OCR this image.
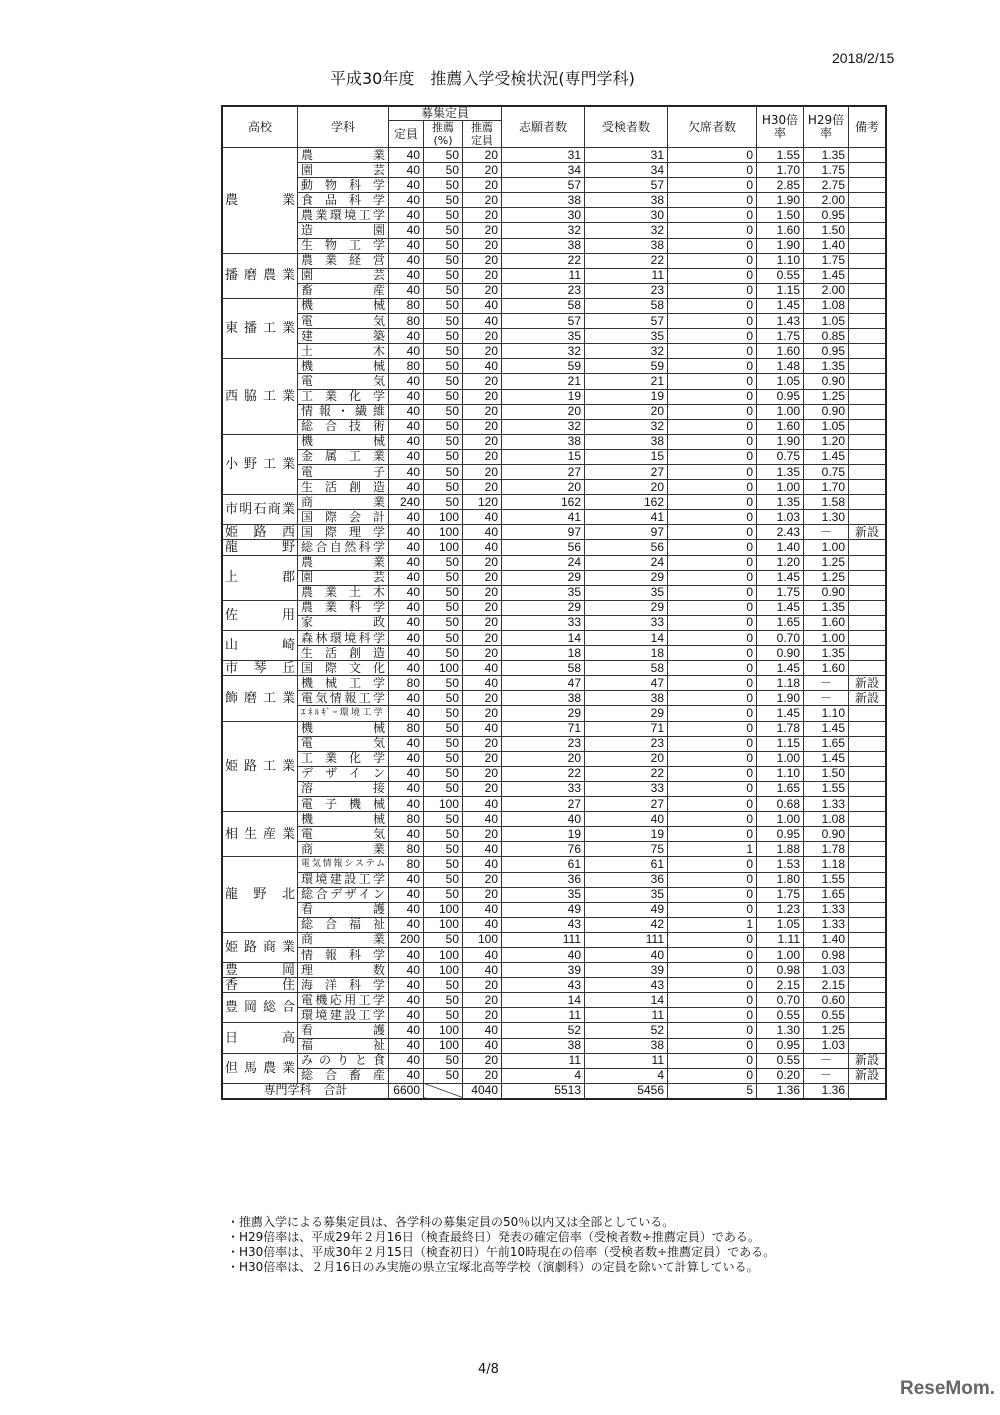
2018/2/15
平成30年度　推薦入学受検状況(専門学科)
高校	学科	募集定員			志願者数	受検者数	欠席者数	H30倍率	H29倍率	備考
		定員	推薦(%)	推薦定員						
農　　業	農　　業	40	50	20	31	31	0	1.55	1.35	
	園　　芸	40	50	20	34	34	0	1.70	1.75	
	動物科学	40	50	20	57	57	0	2.85	2.75	
	食品科学	40	50	20	38	38	0	1.90	2.00	
	農業環境工学	40	50	20	30	30	0	1.50	0.95	
	造　　園	40	50	20	32	32	0	1.60	1.50	
	生物工学	40	50	20	38	38	0	1.90	1.40	
播磨農業	農業経営	40	50	20	22	22	0	1.10	1.75	
	園　　芸	40	50	20	11	11	0	0.55	1.45	
	畜　　産	40	50	20	23	23	0	1.15	2.00	
東播工業	機　　械	80	50	40	58	58	0	1.45	1.08	
	電　　気	80	50	40	57	57	0	1.43	1.05	
	建　　築	40	50	20	35	35	0	1.75	0.85	
	土　　木	40	50	20	32	32	0	1.60	0.95	
西脇工業	機　　械	80	50	40	59	59	0	1.48	1.35	
	電　　気	40	50	20	21	21	0	1.05	0.90	
	工業化学	40	50	20	19	19	0	0.95	1.25	
	情報・繊維	40	50	20	20	20	0	1.00	0.90	
	総合技術	40	50	20	32	32	0	1.60	1.05	
小野工業	機　　械	40	50	20	38	38	0	1.90	1.20	
	金属工業	40	50	20	15	15	0	0.75	1.45	
	電　　子	40	50	20	27	27	0	1.35	0.75	
	生活創造	40	50	20	20	20	0	1.00	1.70	
市明石商業	商　　業	240	50	120	162	162	0	1.35	1.58	
	国際会計	40	100	40	41	41	0	1.03	1.30	
姫路西	国際理学	40	100	40	97	97	0	2.43	－	新設
龍　　野	総合自然科学	40	100	40	56	56	0	1.40	1.00	
上　　郡	農　　業	40	50	20	24	24	0	1.20	1.25	
	園　　芸	40	50	20	29	29	0	1.45	1.25	
	農業土木	40	50	20	35	35	0	1.75	0.90	
佐　　用	農業科学	40	50	20	29	29	0	1.45	1.35	
	家　　政	40	50	20	33	33	0	1.65	1.60	
山　　崎	森林環境科学	40	50	20	14	14	0	0.70	1.00	
	生活創造	40	50	20	18	18	0	0.90	1.35	
市琴丘	国際文化	40	100	40	58	58	0	1.45	1.60	
飾磨工業	機械工学	80	50	40	47	47	0	1.18	－	新設
	電気情報工学	40	50	20	38	38	0	1.90	－	新設
	ｴﾈﾙｷﾞｰ環境工学	40	50	20	29	29	0	1.45	1.10	
姫路工業	機　　械	80	50	40	71	71	0	1.78	1.45	
	電　　気	40	50	20	23	23	0	1.15	1.65	
	工業化学	40	50	20	20	20	0	1.00	1.45	
	デザイン	40	50	20	22	22	0	1.10	1.50	
	溶　　接	40	50	20	33	33	0	1.65	1.55	
	電子機械	40	100	40	27	27	0	0.68	1.33	
相生産業	機　　械	80	50	40	40	40	0	1.00	1.08	
	電　　気	40	50	20	19	19	0	0.95	0.90	
	商　　業	80	50	40	76	75	1	1.88	1.78	
龍野北	電気情報システム	80	50	40	61	61	0	1.53	1.18	
	環境建設工学	40	50	20	36	36	0	1.80	1.55	
	総合デザイン	40	50	20	35	35	0	1.75	1.65	
	看　　護	40	100	40	49	49	0	1.23	1.33	
	総合福祉	40	100	40	43	42	1	1.05	1.33	
姫路商業	商　　業	200	50	100	111	111	0	1.11	1.40	
	情報科学	40	100	40	40	40	0	1.00	0.98	
豊　　岡	理　　数	40	100	40	39	39	0	0.98	1.03	
香　　住	海洋科学	40	50	20	43	43	0	2.15	2.15	
豊岡総合	電機応用工学	40	50	20	14	14	0	0.70	0.60	
	環境建設工学	40	50	20	11	11	0	0.55	0.55	
日　　高	看　　護	40	100	40	52	52	0	1.30	1.25	
	福　　祉	40	100	40	38	38	0	0.95	1.03	
但馬農業	みのりと食	40	50	20	11	11	0	0.55	－	新設
	総合畜産	40	50	20	4	4	0	0.20	－	新設
専門学科　合計		6600		4040	5513	5456	5	1.36	1.36	
・推薦入学による募集定員は、各学科の募集定員の50％以内又は全部としている。
・H29倍率は、平成29年２月16日（検査最終日）発表の確定倍率（受検者数÷推薦定員）である。
・H30倍率は、平成30年２月15日（検査初日）午前10時現在の倍率（受検者数÷推薦定員）である。
・H30倍率は、２月16日のみ実施の県立宝塚北高等学校（演劇科）の定員を除いて計算している。
4/8
ReseMom.
